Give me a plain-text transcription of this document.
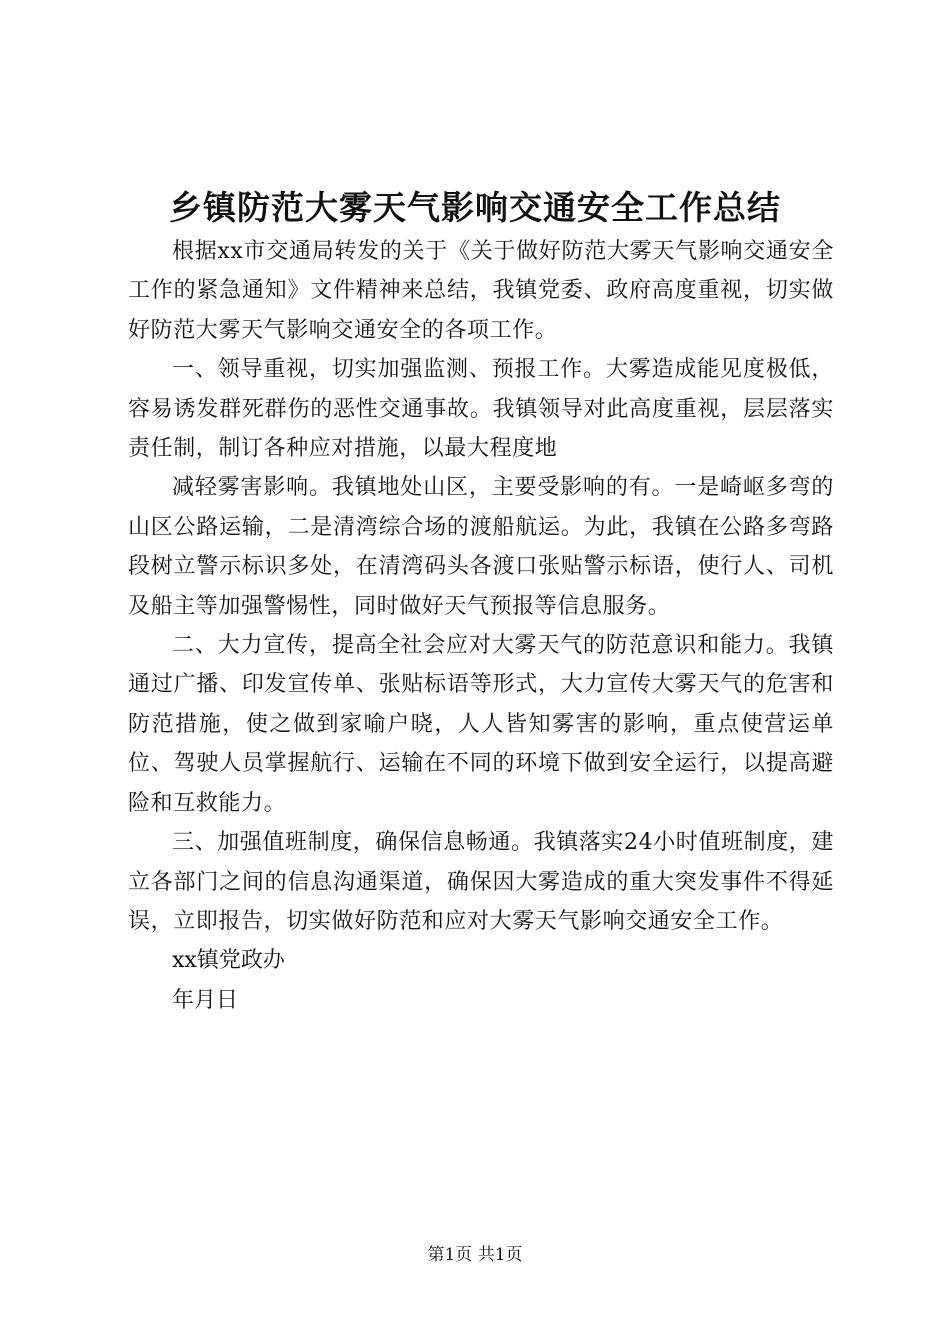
乡镇防范大雾天气影响交通安全工作总结

根据xx市交通局转发的关于《关于做好防范大雾天气影响交通安全工作的紧急通知》文件精神来总结，我镇党委、政府高度重视，切实做好防范大雾天气影响交通安全的各项工作。

一、领导重视，切实加强监测、预报工作。大雾造成能见度极低，容易诱发群死群伤的恶性交通事故。我镇领导对此高度重视，层层落实责任制，制订各种应对措施，以最大程度地

减轻雾害影响。我镇地处山区，主要受影响的有。一是崎岖多弯的山区公路运输，二是清湾综合场的渡船航运。为此，我镇在公路多弯路段树立警示标识多处，在清湾码头各渡口张贴警示标语，使行人、司机及船主等加强警惕性，同时做好天气预报等信息服务。

二、大力宣传，提高全社会应对大雾天气的防范意识和能力。我镇通过广播、印发宣传单、张贴标语等形式，大力宣传大雾天气的危害和防范措施，使之做到家喻户晓，人人皆知雾害的影响，重点使营运单位、驾驶人员掌握航行、运输在不同的环境下做到安全运行，以提高避险和互救能力。

三、加强值班制度，确保信息畅通。我镇落实24小时值班制度，建立各部门之间的信息沟通渠道，确保因大雾造成的重大突发事件不得延误，立即报告，切实做好防范和应对大雾天气影响交通安全工作。

xx镇党政办

年月日

第1页 共1页
